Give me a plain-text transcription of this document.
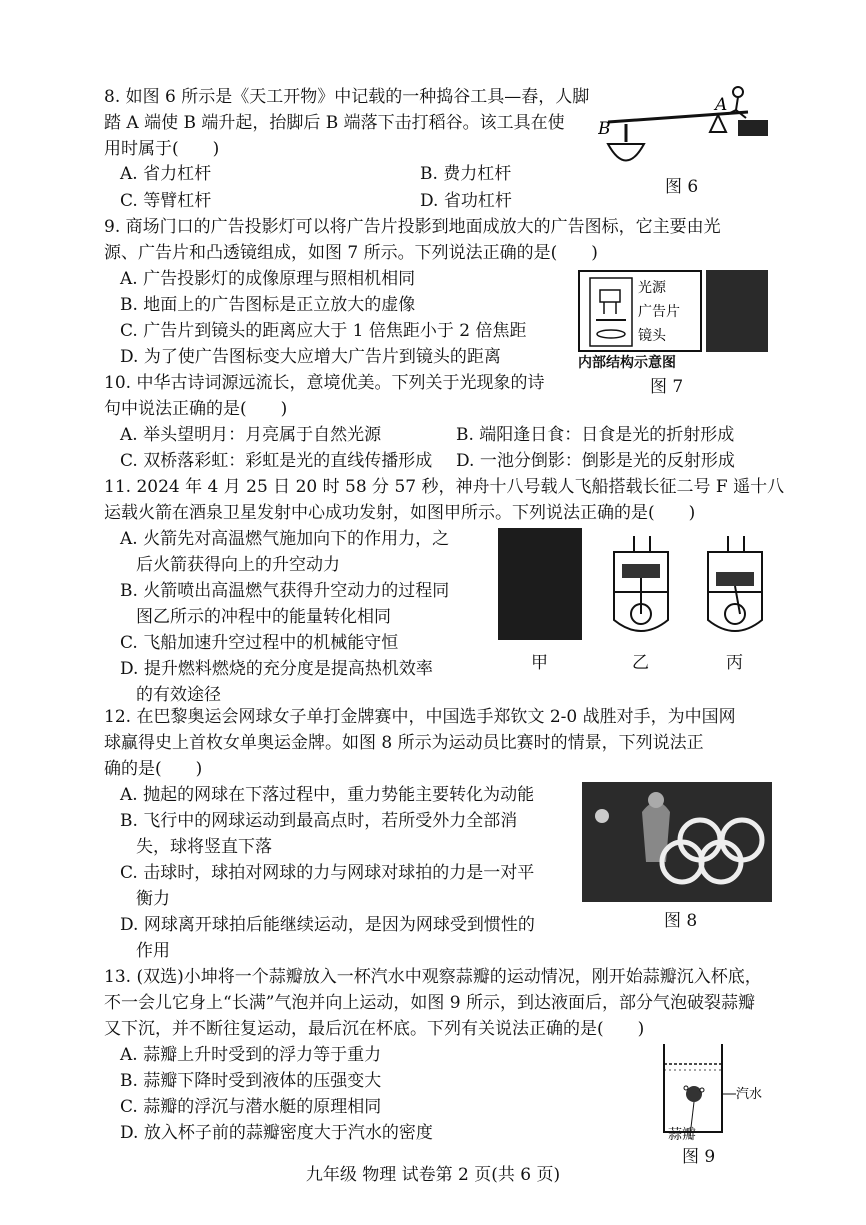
8. 如图 6 所示是《天工开物》中记载的一种捣谷工具—舂，人脚
踏 A 端使 B 端升起，抬脚后 B 端落下击打稻谷。该工具在使
用时属于(　　)
A. 省力杠杆	B. 费力杠杆
C. 等臂杠杆	D. 省功杠杆
B
A
图 6
9. 商场门口的广告投影灯可以将广告片投影到地面成放大的广告图标，它主要由光
源、广告片和凸透镜组成，如图 7 所示。下列说法正确的是(　　)
A. 广告投影灯的成像原理与照相机相同
B. 地面上的广告图标是正立放大的虚像
C. 广告片到镜头的距离应大于 1 倍焦距小于 2 倍焦距
D. 为了使广告图标变大应增大广告片到镜头的距离
光源
广告片
镜头
内部结构示意图
图 7
10. 中华古诗词源远流长，意境优美。下列关于光现象的诗
句中说法正确的是(　　)
A. 举头望明月：月亮属于自然光源	B. 端阳逢日食：日食是光的折射形成
C. 双桥落彩虹：彩虹是光的直线传播形成 D. 一池分倒影：倒影是光的反射形成
11. 2024 年 4 月 25 日 20 时 58 分 57 秒，神舟十八号载人飞船搭载长征二号 F 遥十八
运载火箭在酒泉卫星发射中心成功发射，如图甲所示。下列说法正确的是(　　)
A. 火箭先对高温燃气施加向下的作用力，之
后火箭获得向上的升空动力
B. 火箭喷出高温燃气获得升空动力的过程同
图乙所示的冲程中的能量转化相同
C. 飞船加速升空过程中的机械能守恒
D. 提升燃料燃烧的充分度是提高热机效率
的有效途径
甲	乙	丙
12. 在巴黎奥运会网球女子单打金牌赛中，中国选手郑钦文 2-0 战胜对手，为中国网
球赢得史上首枚女单奥运金牌。如图 8 所示为运动员比赛时的情景，下列说法正
确的是(　　)
A. 抛起的网球在下落过程中，重力势能主要转化为动能
B. 飞行中的网球运动到最高点时，若所受外力全部消
失，球将竖直下落
C. 击球时，球拍对网球的力与网球对球拍的力是一对平
衡力
D. 网球离开球拍后能继续运动，是因为网球受到惯性的
作用
图 8
13. (双选)小坤将一个蒜瓣放入一杯汽水中观察蒜瓣的运动情况，刚开始蒜瓣沉入杯底，
不一会儿它身上“长满”气泡并向上运动，如图 9 所示，到达液面后，部分气泡破裂蒜瓣
又下沉，并不断往复运动，最后沉在杯底。下列有关说法正确的是(　　)
A. 蒜瓣上升时受到的浮力等于重力
B. 蒜瓣下降时受到液体的压强变大
C. 蒜瓣的浮沉与潜水艇的原理相同
D. 放入杯子前的蒜瓣密度大于汽水的密度
汽水
蒜瓣
图 9
九年级 物理 试卷第 2 页(共 6 页)
